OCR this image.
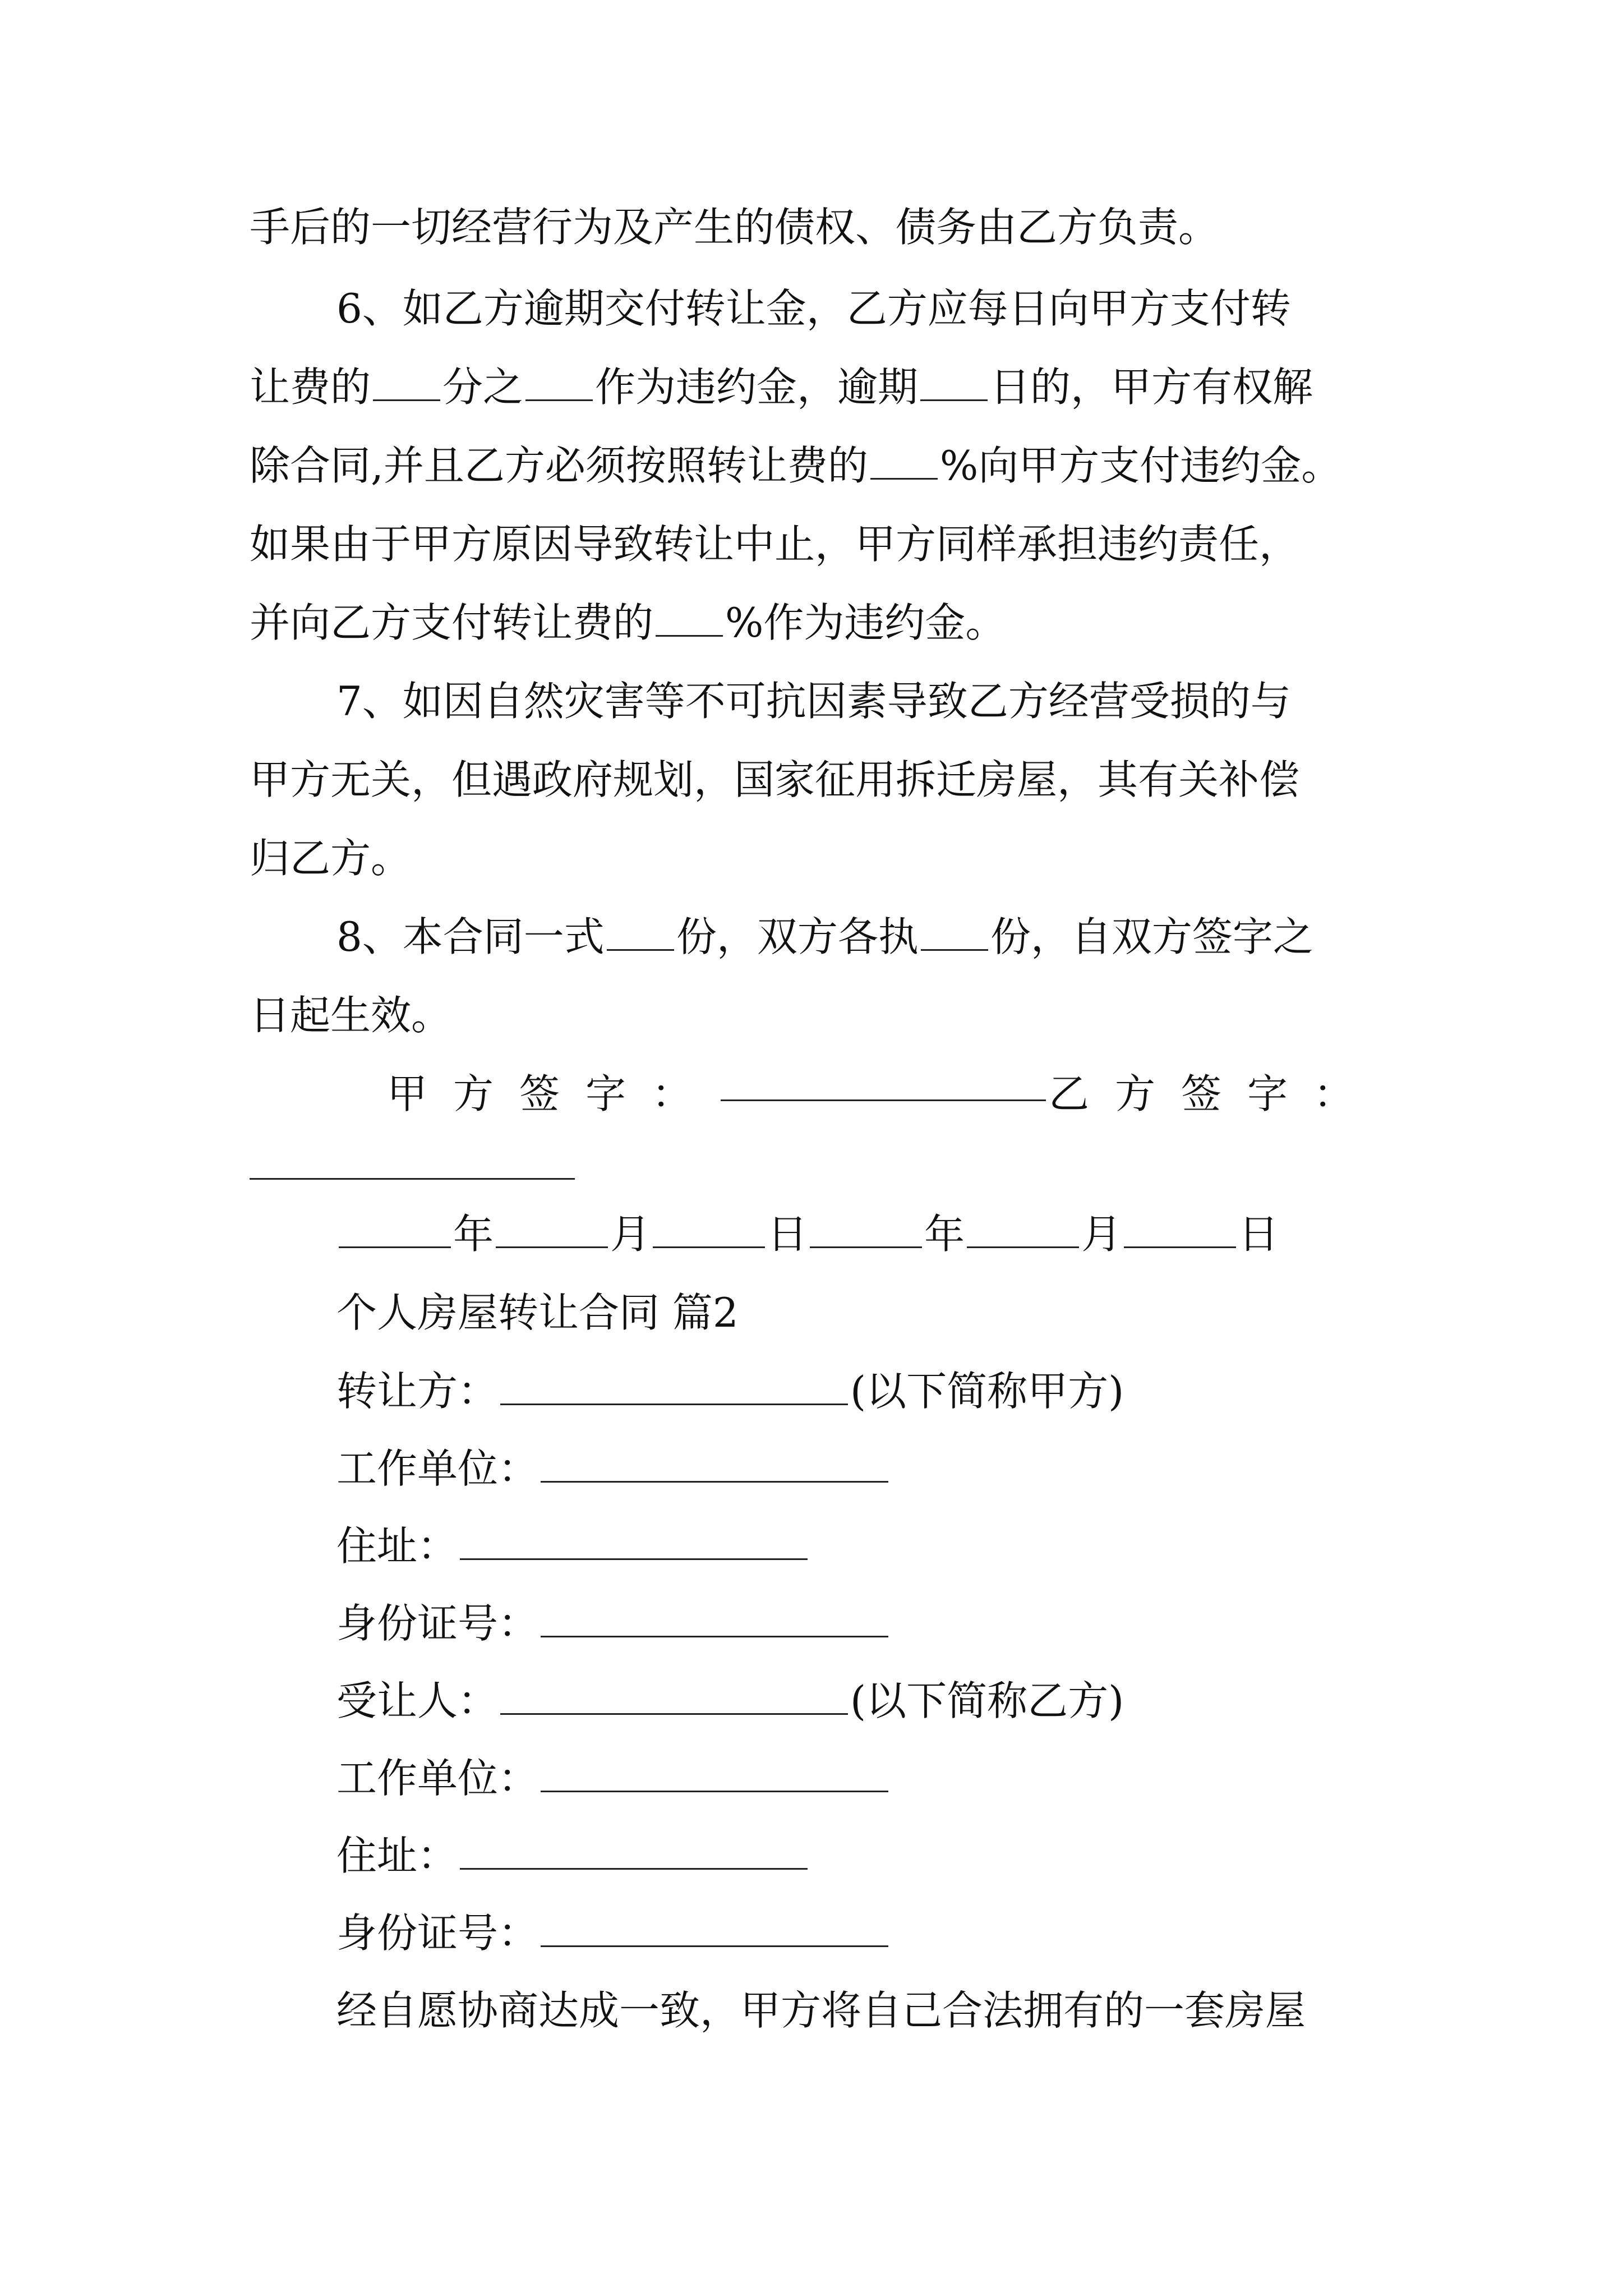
手后的一切经营行为及产生的债权、债务由乙方负责。
6、如乙方逾期交付转让金，乙方应每日向甲方支付转
让费的 分之 作为违约金，逾期 日的，甲方有权解
除合同,并且乙方必须按照转让费的 %向甲方支付违约金。
如果由于甲方原因导致转让中止，甲方同样承担违约责任，
并向乙方支付转让费的 %作为违约金。
7、如因自然灾害等不可抗因素导致乙方经营受损的与
甲方无关，但遇政府规划，国家征用拆迁房屋，其有关补偿
归乙方。
8、本合同一式 份，双方各执 份，自双方签字之
日起生效。
甲方签字：	乙方签字：
年	月	日	年	月	日
个人房屋转让合同 篇2
转让方：	(以下简称甲方)
工作单位：
住址：
身份证号：
受让人：	(以下简称乙方)
工作单位：
住址：
身份证号：
经自愿协商达成一致，甲方将自己合法拥有的一套房屋
